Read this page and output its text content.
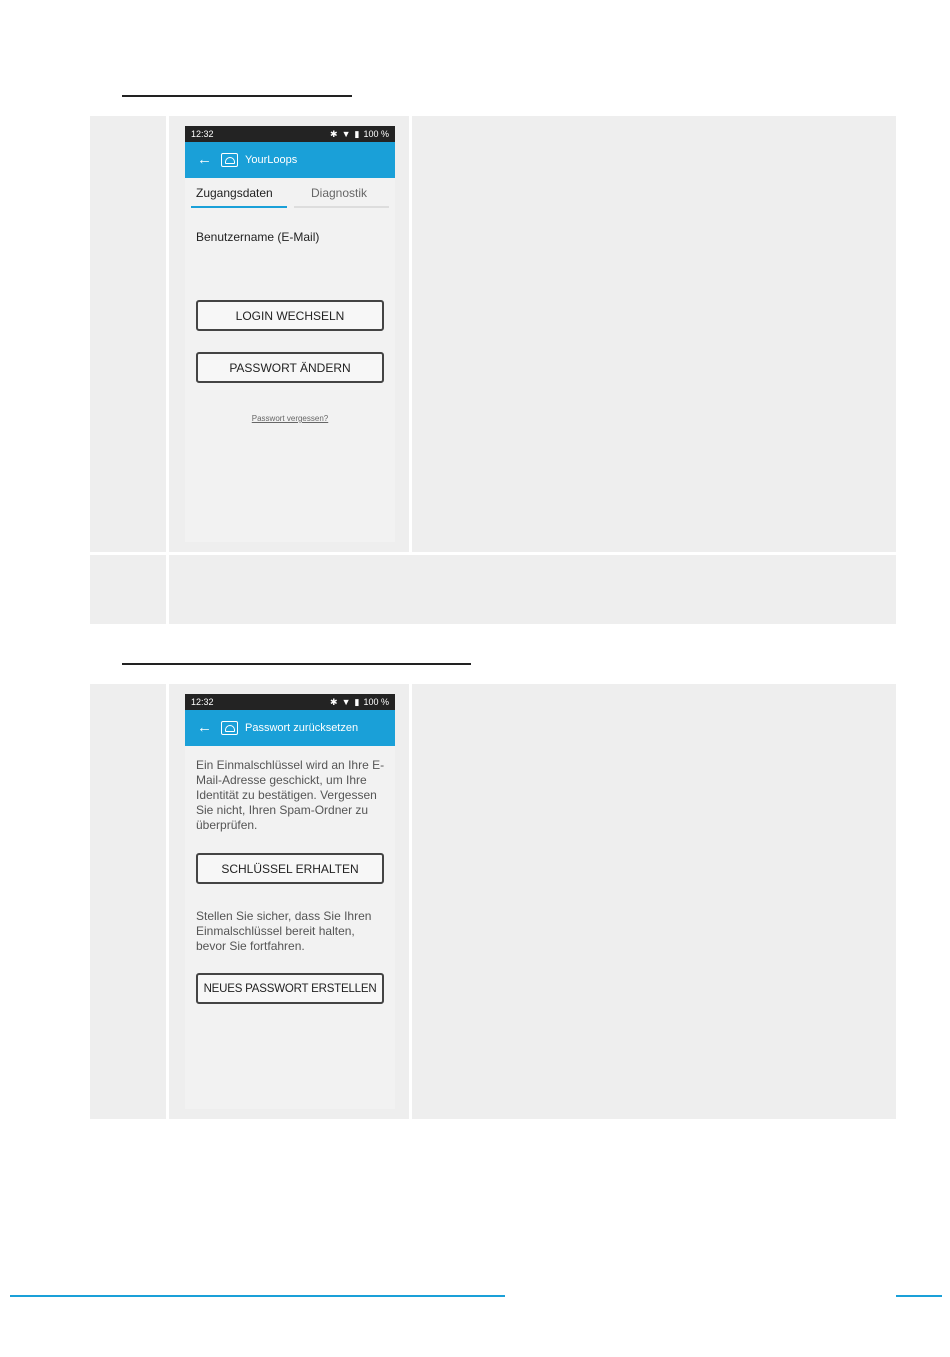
12:32	✱ ▼ ▮ 100 %
←	YourLoops
Zugangsdaten	Diagnostik
Benutzername (E-Mail)
LOGIN WECHSELN
PASSWORT ÄNDERN
Passwort vergessen?
12:32	✱ ▼ ▮ 100 %
←	Passwort zurücksetzen

Ein Einmalschlüssel wird an Ihre E-Mail-Adresse geschickt, um Ihre Identität zu bestätigen. Vergessen Sie nicht, Ihren Spam-Ordner zu überprüfen.

SCHLÜSSEL ERHALTEN

Stellen Sie sicher, dass Sie Ihren Einmalschlüssel bereit halten, bevor Sie fortfahren.

NEUES PASSWORT ERSTELLEN
